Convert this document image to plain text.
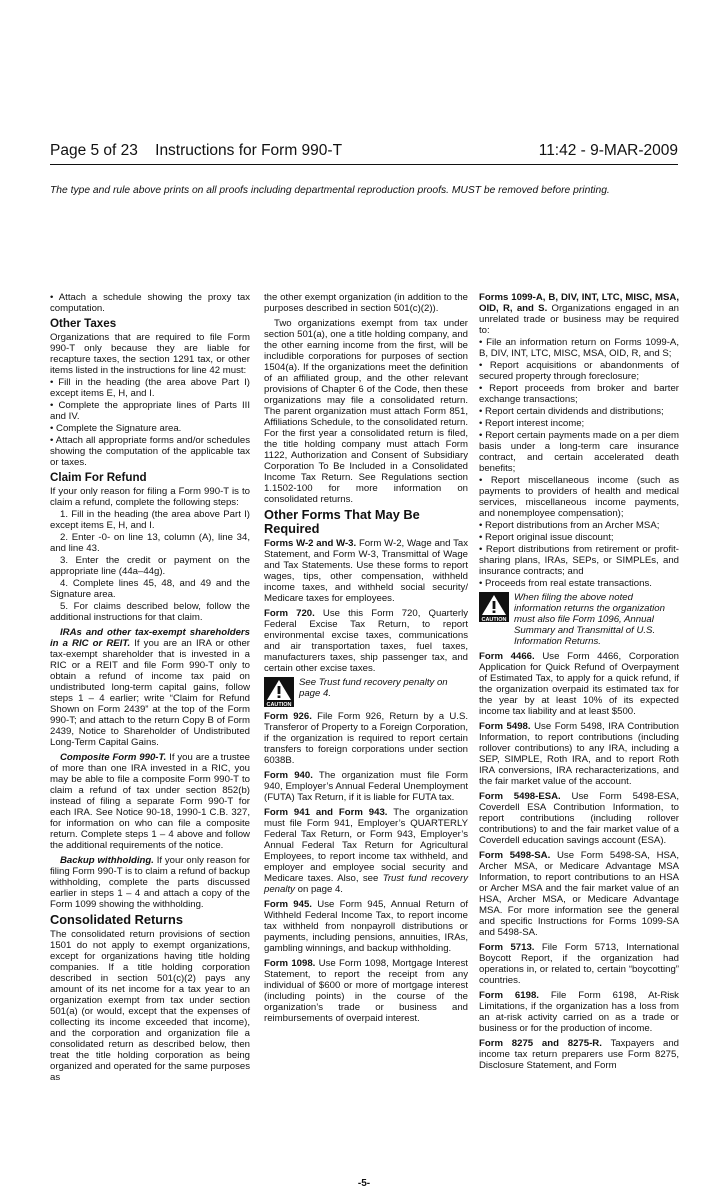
Page 5 of 23    Instructions for Form 990-T	11:42 - 9-MAR-2009
The type and rule above prints on all proofs including departmental reproduction proofs. MUST be removed before printing.

• Attach a schedule showing the proxy tax computation.

Other Taxes

Organizations that are required to file Form 990-T only because they are liable for recapture taxes, the section 1291 tax, or other items listed in the instructions for line 42 must:

• Fill in the heading (the area above Part I) except items E, H, and I.

• Complete the appropriate lines of Parts III and IV.

• Complete the Signature area.

• Attach all appropriate forms and/or schedules showing the computation of the applicable tax or taxes.

Claim For Refund

If your only reason for filing a Form 990-T is to claim a refund, complete the following steps:

1. Fill in the heading (the area above Part I) except items E, H, and I.

2. Enter -0- on line 13, column (A), line 34, and line 43.

3. Enter the credit or payment on the appropriate line (44a–44g).

4. Complete lines 45, 48, and 49 and the Signature area.

5. For claims described below, follow the additional instructions for that claim.

IRAs and other tax-exempt shareholders in a RIC or REIT. If you are an IRA or other tax-exempt shareholder that is invested in a RIC or a REIT and file Form 990-T only to obtain a refund of income tax paid on undistributed long-term capital gains, follow steps 1 – 4 earlier; write “Claim for Refund Shown on Form 2439” at the top of the Form 990-T; and attach to the return Copy B of Form 2439, Notice to Shareholder of Undistributed Long-Term Capital Gains.

Composite Form 990-T. If you are a trustee of more than one IRA invested in a RIC, you may be able to file a composite Form 990-T to claim a refund of tax under section 852(b) instead of filing a separate Form 990-T for each IRA. See Notice 90-18, 1990-1 C.B. 327, for information on who can file a composite return. Complete steps 1 – 4 above and follow the additional requirements of the notice.

Backup withholding. If your only reason for filing Form 990-T is to claim a refund of backup withholding, complete the parts discussed earlier in steps 1 – 4 and attach a copy of the Form 1099 showing the withholding.

Consolidated Returns

The consolidated return provisions of section 1501 do not apply to exempt organizations, except for organizations having title holding companies. If a title holding corporation described in section 501(c)(2) pays any amount of its net income for a tax year to an organization exempt from tax under section 501(a) (or would, except that the expenses of collecting its income exceeded that income), and the corporation and organization file a consolidated return as described below, then treat the title holding corporation as being organized and operated for the same purposes as

the other exempt organization (in addition to the purposes described in section 501(c)(2)).

Two organizations exempt from tax under section 501(a), one a title holding company, and the other earning income from the first, will be includible corporations for purposes of section 1504(a). If the organizations meet the definition of an affiliated group, and the other relevant provisions of Chapter 6 of the Code, then these organizations may file a consolidated return. The parent organization must attach Form 851, Affiliations Schedule, to the consolidated return. For the first year a consolidated return is filed, the title holding company must attach Form 1122, Authorization and Consent of Subsidiary Corporation To Be Included in a Consolidated Income Tax Return. See Regulations section 1.1502-100 for more information on consolidated returns.

Other Forms That May Be Required

Forms W-2 and W-3. Form W-2, Wage and Tax Statement, and Form W-3, Transmittal of Wage and Tax Statements. Use these forms to report wages, tips, other compensation, withheld income taxes, and withheld social security/ Medicare taxes for employees.

Form 720. Use this Form 720, Quarterly Federal Excise Tax Return, to report environmental excise taxes, communications and air transportation taxes, fuel taxes, manufacturers taxes, ship passenger tax, and certain other excise taxes.

CAUTION
See Trust fund recovery penalty on page 4.

Form 926. File Form 926, Return by a U.S. Transferor of Property to a Foreign Corporation, if the organization is required to report certain transfers to foreign corporations under section 6038B.

Form 940. The organization must file Form 940, Employer’s Annual Federal Unemployment (FUTA) Tax Return, if it is liable for FUTA tax.

Form 941 and Form 943. The organization must file Form 941, Employer’s QUARTERLY Federal Tax Return, or Form 943, Employer’s Annual Federal Tax Return for Agricultural Employees, to report income tax withheld, and employer and employee social security and Medicare taxes. Also, see Trust fund recovery penalty on page 4.

Form 945. Use Form 945, Annual Return of Withheld Federal Income Tax, to report income tax withheld from nonpayroll distributions or payments, including pensions, annuities, IRAs, gambling winnings, and backup withholding.

Form 1098. Use Form 1098, Mortgage Interest Statement, to report the receipt from any individual of $600 or more of mortgage interest (including points) in the course of the organization’s trade or business and reimbursements of overpaid interest.

Forms 1099-A, B, DIV, INT, LTC, MISC, MSA, OID, R, and S. Organizations engaged in an unrelated trade or business may be required to:

• File an information return on Forms 1099-A, B, DIV, INT, LTC, MISC, MSA, OID, R, and S;

• Report acquisitions or abandonments of secured property through foreclosure;

• Report proceeds from broker and barter exchange transactions;

• Report certain dividends and distributions;

• Report interest income;

• Report certain payments made on a per diem basis under a long-term care insurance contract, and certain accelerated death benefits;

• Report miscellaneous income (such as payments to providers of health and medical services, miscellaneous income payments, and nonemployee compensation);

• Report distributions from an Archer MSA;

• Report original issue discount;

• Report distributions from retirement or profit-sharing plans, IRAs, SEPs, or SIMPLEs, and insurance contracts; and

• Proceeds from real estate transactions.

CAUTION
When filing the above noted information returns the organization must also file Form 1096, Annual Summary and Transmittal of U.S. Information Returns.

Form 4466. Use Form 4466, Corporation Application for Quick Refund of Overpayment of Estimated Tax, to apply for a quick refund, if the organization overpaid its estimated tax for the year by at least 10% of its expected income tax liability and at least $500.

Form 5498. Use Form 5498, IRA Contribution Information, to report contributions (including rollover contributions) to any IRA, including a SEP, SIMPLE, Roth IRA, and to report Roth IRA conversions, IRA recharacterizations, and the fair market value of the account.

Form 5498-ESA. Use Form 5498-ESA, Coverdell ESA Contribution Information, to report contributions (including rollover contributions) to and the fair market value of a Coverdell education savings account (ESA).

Form 5498-SA. Use Form 5498-SA, HSA, Archer MSA, or Medicare Advantage MSA Information, to report contributions to an HSA or Archer MSA and the fair market value of an HSA, Archer MSA, or Medicare Advantage MSA. For more information see the general and specific Instructions for Forms 1099-SA and 5498-SA.

Form 5713. File Form 5713, International Boycott Report, if the organization had operations in, or related to, certain “boycotting” countries.

Form 6198. File Form 6198, At-Risk Limitations, if the organization has a loss from an at-risk activity carried on as a trade or business or for the production of income.

Form 8275 and 8275-R. Taxpayers and income tax return preparers use Form 8275, Disclosure Statement, and Form

-5-
